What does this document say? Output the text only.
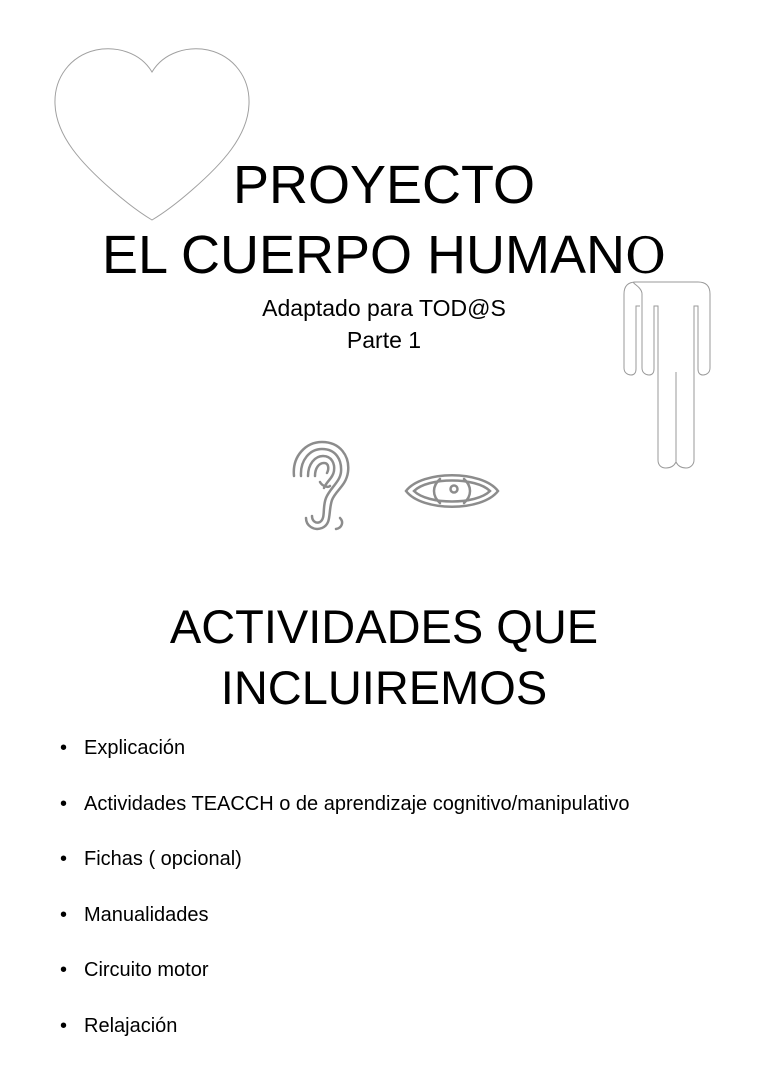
PROYECTO
EL CUERPO HUMANO
Adaptado para TOD@S
Parte 1
ACTIVIDADES QUE
INCLUIREMOS
• Explicación
• Actividades TEACCH o de aprendizaje cognitivo/manipulativo
• Fichas ( opcional)
• Manualidades
• Circuito motor
• Relajación
